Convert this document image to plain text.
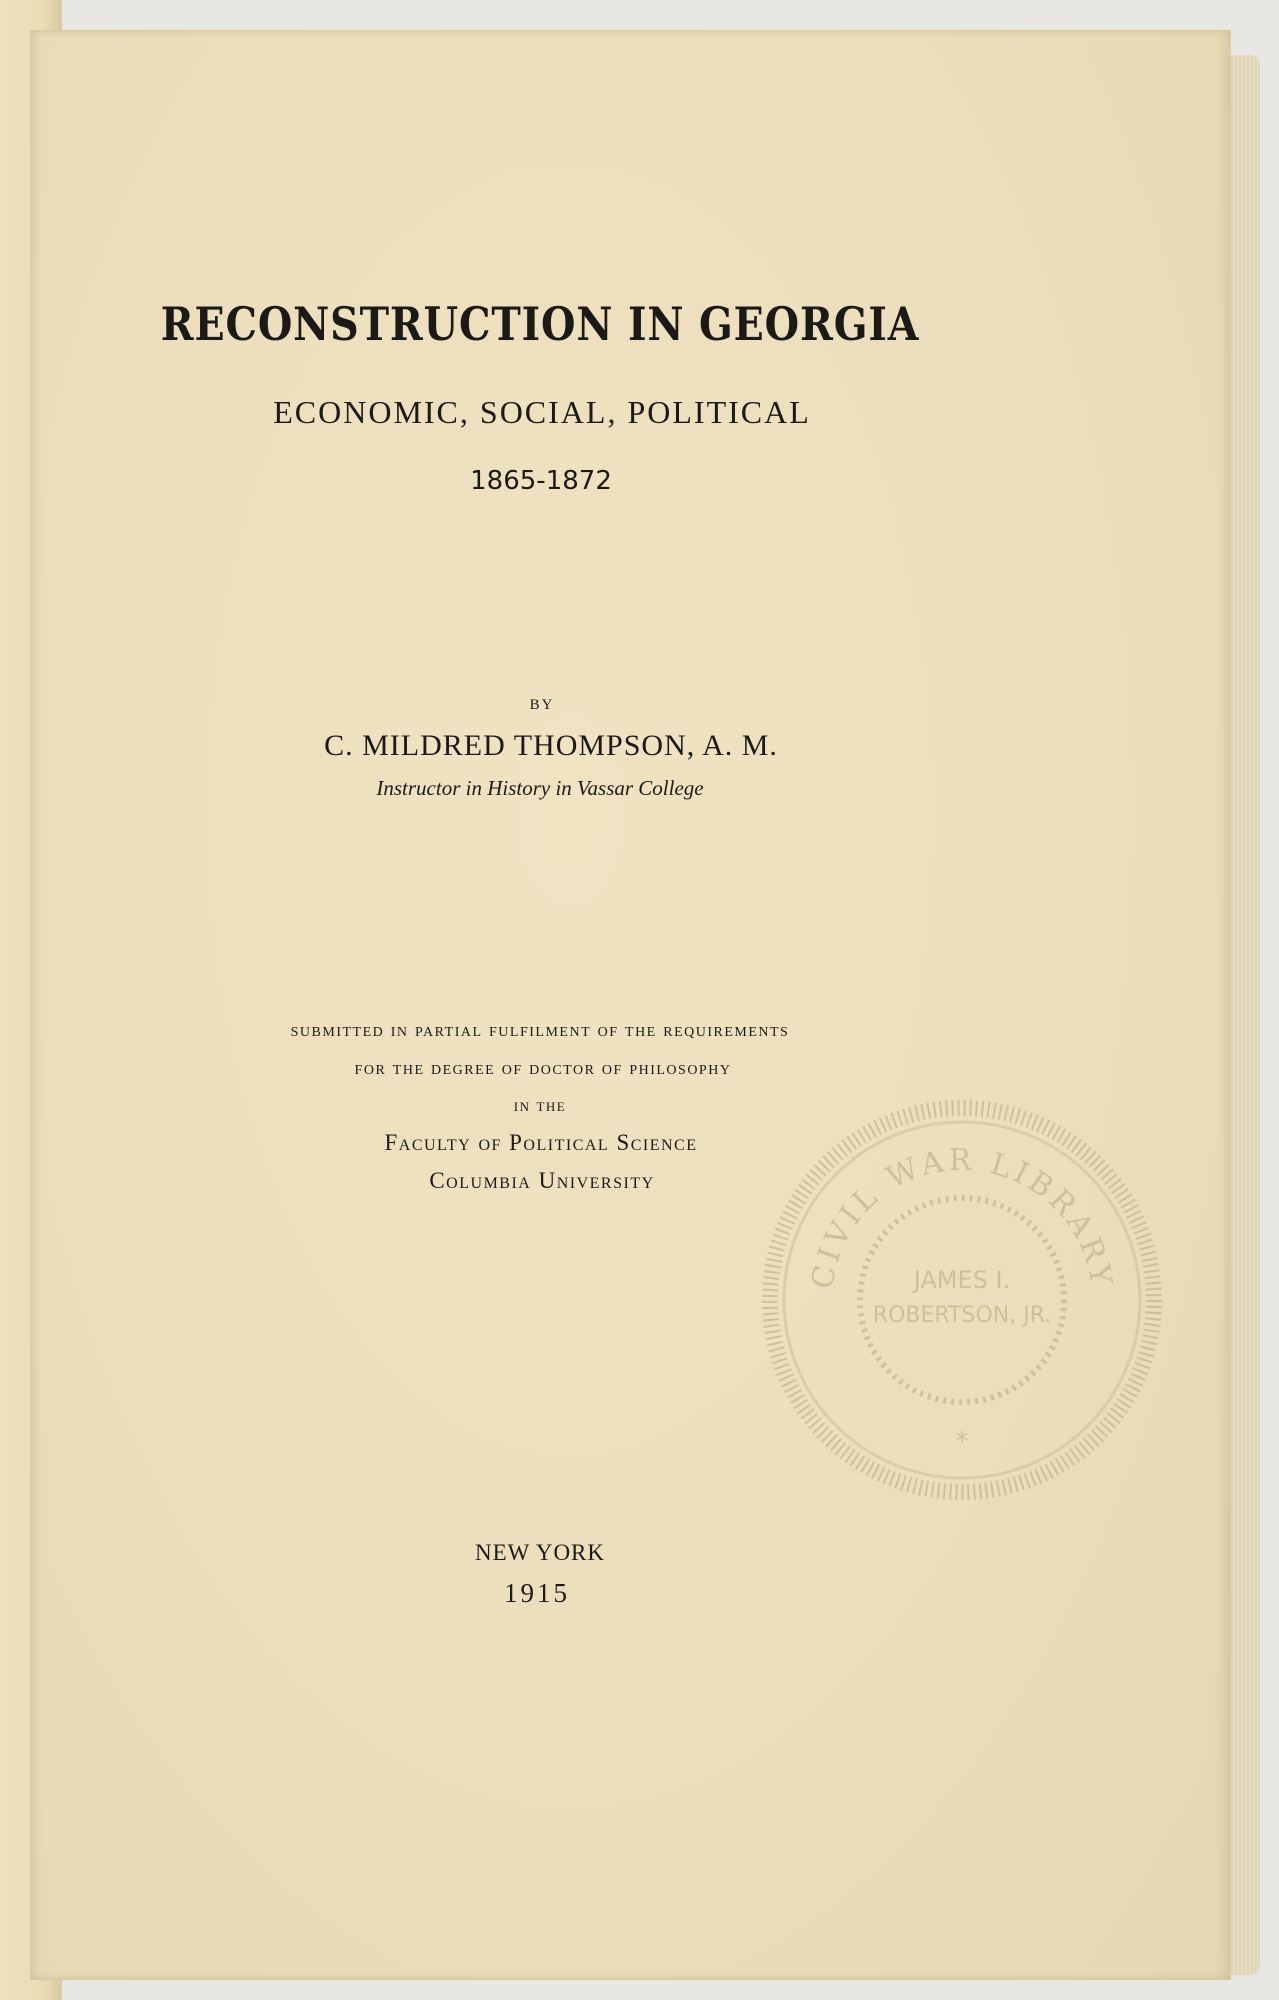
RECONSTRUCTION IN GEORGIA

ECONOMIC, SOCIAL, POLITICAL

1865-1872

BY

C. MILDRED THOMPSON, A. M.

Instructor in History in Vassar College

submitted in partial fulfilment of the requirements

for the degree of doctor of philosophy

in the

Faculty of Political Science

Columbia University

NEW YORK

1915

CIVIL WAR LIBRARY
JAMES I.
ROBERTSON, JR.
*
